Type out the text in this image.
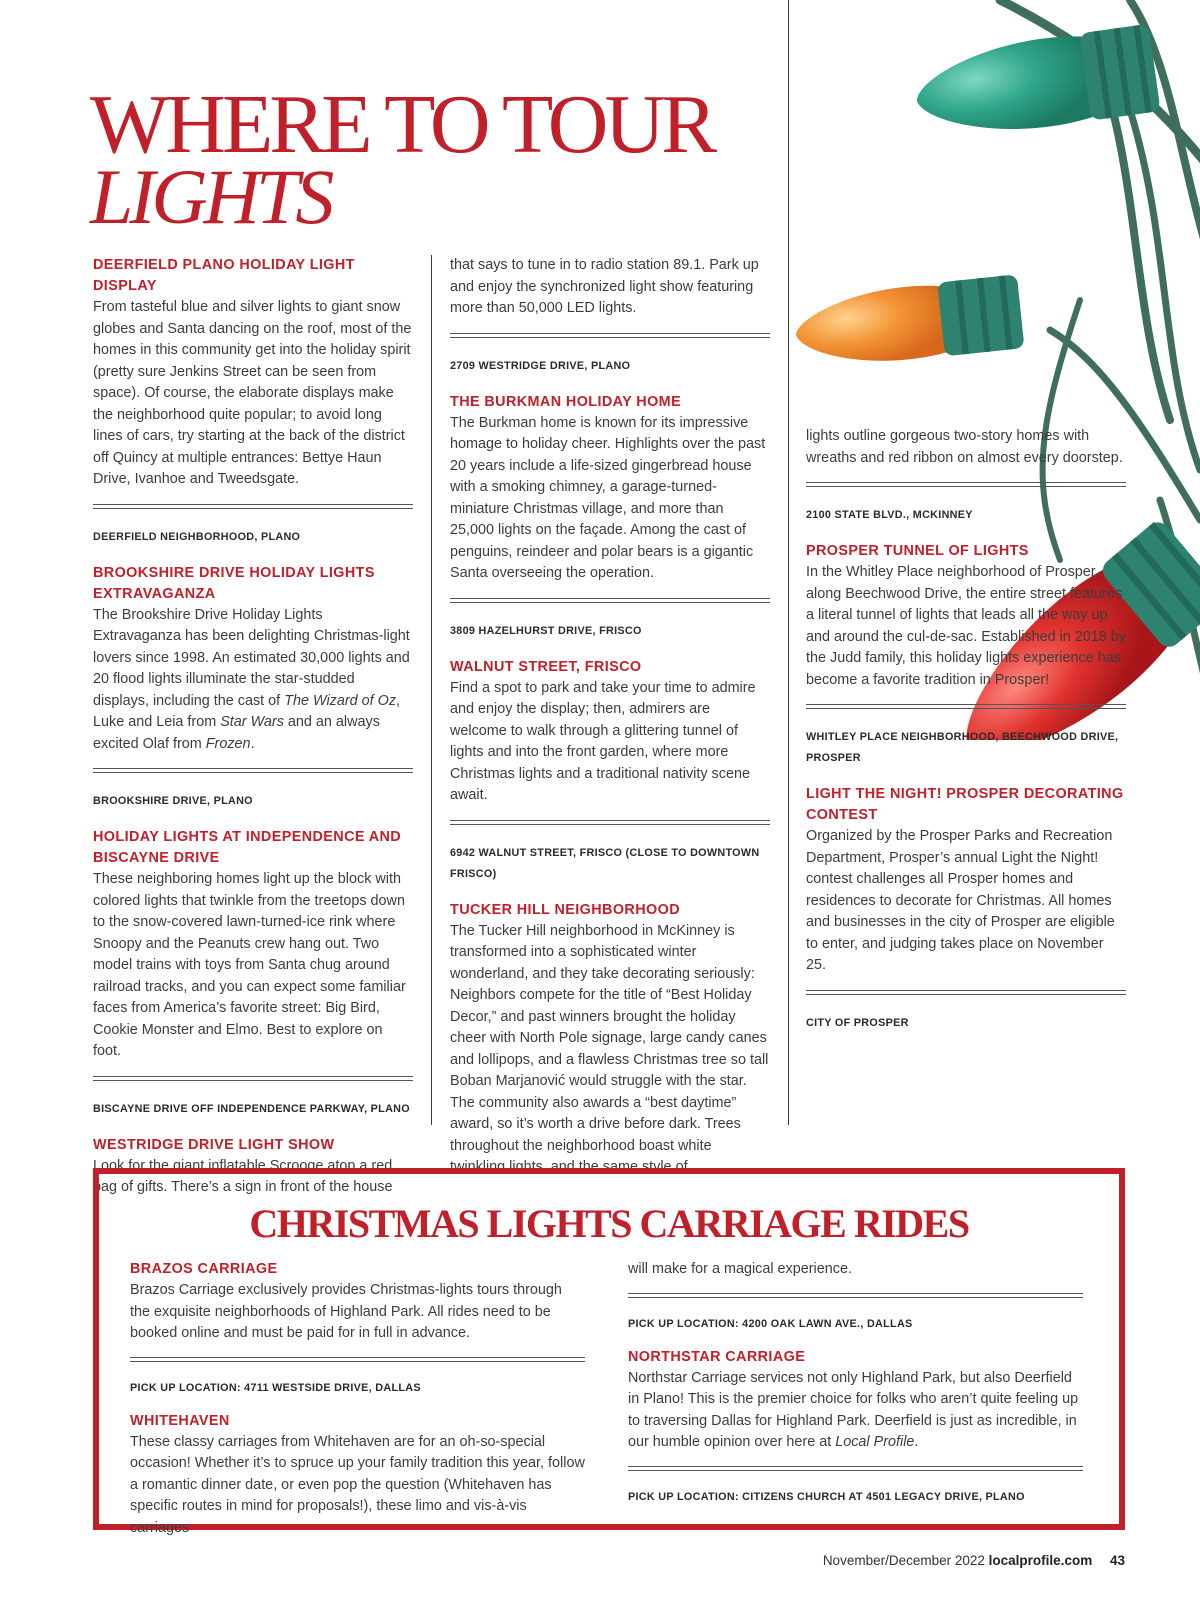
WHERE TO TOUR
LIGHTS
DEERFIELD PLANO HOLIDAY LIGHT DISPLAY

From tasteful blue and silver lights to giant snow globes and Santa dancing on the roof, most of the homes in this community get into the holiday spirit (pretty sure Jenkins Street can be seen from space). Of course, the elaborate displays make the neighborhood quite popular; to avoid long lines of cars, try starting at the back of the district off Quincy at multiple entrances: Bettye Haun Drive, Ivanhoe and Tweedsgate.

DEERFIELD NEIGHBORHOOD, PLANO
BROOKSHIRE DRIVE HOLIDAY LIGHTS EXTRAVAGANZA

The Brookshire Drive Holiday Lights Extravaganza has been delighting Christmas-light lovers since 1998. An estimated 30,000 lights and 20 flood lights illuminate the star-studded displays, including the cast of The Wizard of Oz, Luke and Leia from Star Wars and an always excited Olaf from Frozen.

BROOKSHIRE DRIVE, PLANO
HOLIDAY LIGHTS AT INDEPENDENCE AND BISCAYNE DRIVE

These neighboring homes light up the block with colored lights that twinkle from the treetops down to the snow-covered lawn-turned-ice rink where Snoopy and the Peanuts crew hang out. Two model trains with toys from Santa chug around railroad tracks, and you can expect some familiar faces from America’s favorite street: Big Bird, Cookie Monster and Elmo. Best to explore on foot.

BISCAYNE DRIVE OFF INDEPENDENCE PARKWAY, PLANO
WESTRIDGE DRIVE LIGHT SHOW

Look for the giant inflatable Scrooge atop a red bag of gifts. There’s a sign in front of the house

that says to tune in to radio station 89.1. Park up and enjoy the synchronized light show featuring more than 50,000 LED lights.

2709 WESTRIDGE DRIVE, PLANO
THE BURKMAN HOLIDAY HOME

The Burkman home is known for its impressive homage to holiday cheer. Highlights over the past 20 years include a life-sized gingerbread house with a smoking chimney, a garage-turned-miniature Christmas village, and more than 25,000 lights on the façade. Among the cast of penguins, reindeer and polar bears is a gigantic Santa overseeing the operation.

3809 HAZELHURST DRIVE, FRISCO
WALNUT STREET, FRISCO

Find a spot to park and take your time to admire and enjoy the display; then, admirers are welcome to walk through a glittering tunnel of lights and into the front garden, where more Christmas lights and a traditional nativity scene await.

6942 WALNUT STREET, FRISCO (CLOSE TO DOWNTOWN FRISCO)
TUCKER HILL NEIGHBORHOOD

The Tucker Hill neighborhood in McKinney is transformed into a sophisticated winter wonderland, and they take decorating seriously: Neighbors compete for the title of “Best Holiday Decor,” and past winners brought the holiday cheer with North Pole signage, large candy canes and lollipops, and a flawless Christmas tree so tall Boban Marjanović would struggle with the star. The community also awards a “best daytime” award, so it’s worth a drive before dark. Trees throughout the neighborhood boast white twinkling lights, and the same style of

lights outline gorgeous two-story homes with wreaths and red ribbon on almost every doorstep.

2100 STATE BLVD., MCKINNEY
PROSPER TUNNEL OF LIGHTS

In the Whitley Place neighborhood of Prosper, along Beechwood Drive, the entire street features a literal tunnel of lights that leads all the way up and around the cul-de-sac. Established in 2018 by the Judd family, this holiday lights experience has become a favorite tradition in Prosper!

WHITLEY PLACE NEIGHBORHOOD, BEECHWOOD DRIVE, PROSPER
LIGHT THE NIGHT! PROSPER DECORATING CONTEST

Organized by the Prosper Parks and Recreation Department, Prosper’s annual Light the Night! contest challenges all Prosper homes and residences to decorate for Christmas. All homes and businesses in the city of Prosper are eligible to enter, and judging takes place on November 25.

CITY OF PROSPER
CHRISTMAS LIGHTS CARRIAGE RIDES
BRAZOS CARRIAGE

Brazos Carriage exclusively provides Christmas-lights tours through the exquisite neighborhoods of Highland Park. All rides need to be booked online and must be paid for in full in advance.

PICK UP LOCATION: 4711 WESTSIDE DRIVE, DALLAS
WHITEHAVEN

These classy carriages from Whitehaven are for an oh-so-special occasion! Whether it’s to spruce up your family tradition this year, follow a romantic dinner date, or even pop the question (Whitehaven has specific routes in mind for proposals!), these limo and vis-à-vis carriages

will make for a magical experience.

PICK UP LOCATION: 4200 OAK LAWN AVE., DALLAS
NORTHSTAR CARRIAGE

Northstar Carriage services not only Highland Park, but also Deerfield in Plano! This is the premier choice for folks who aren’t quite feeling up to traversing Dallas for Highland Park. Deerfield is just as incredible, in our humble opinion over here at Local Profile.

PICK UP LOCATION: CITIZENS CHURCH AT 4501 LEGACY DRIVE, PLANO
November/December 2022 localprofile.com 43
